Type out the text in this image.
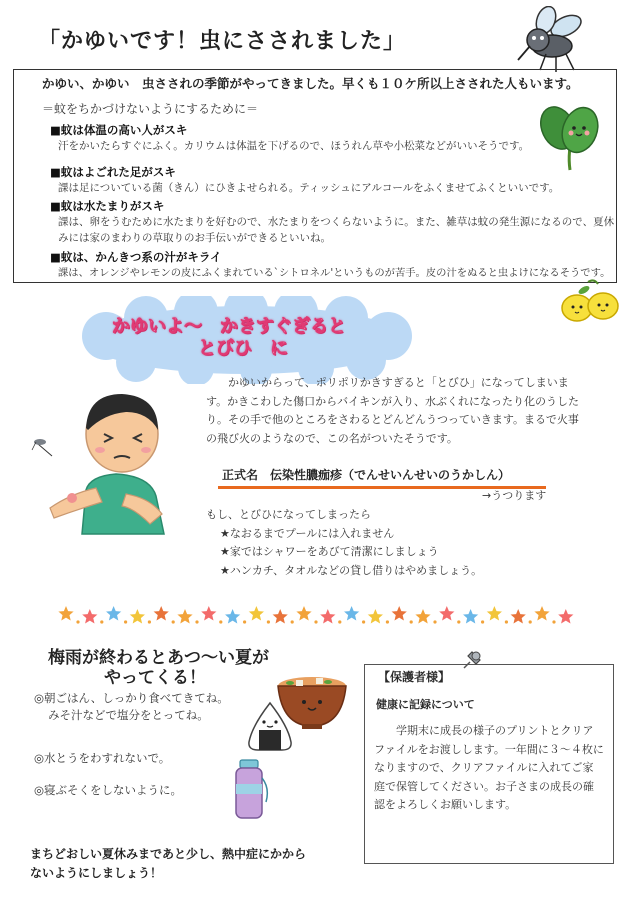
「かゆいです！虫にさされました」
かゆい、かゆい　虫さされの季節がやってきました。早くも１０ケ所以上さされた人もいます。
＝蚊をちかづけないようにするために＝
■蚊は体温の高い人がスキ
汗をかいたらすぐにふく。カリウムは体温を下げるので、ほうれん草や小松菜などがいいそうです。
■蚊はよごれた足がスキ
課は足についている菌（きん）にひきよせられる。ティッシュにアルコールをふくませてふくといいです。
■蚊は水たまりがスキ
課は、卵をうむために水たまりを好むので、水たまりをつくらないように。また、雑草は蚊の発生源になるので、夏休
みには家のまわりの草取りのお手伝いができるといいね。
■蚊は、かんきつ系の汁がキライ
課は、オレンジやレモンの皮にふくまれている`シトロネル'というものが苦手。皮の汁をぬると虫よけになるそうです。
かゆいよ～　かきすぐぎると
とびひ　に
かゆいからって、ポリポリかきすぎると「とびひ」になってしまいます。かきこわした傷口からバイキンが入り、水ぶくれになったり化のうしたり。その手で他のところをさわるとどんどんうつっていきます。まるで火事の飛び火のようなので、この名がついたそうです。
正式名　伝染性膿痂疹（でんせいんせいのうかしん）
→うつります
もし、とびひになってしまったら
★なおるまでプールには入れません
★家ではシャワーをあびて清潔にしましょう
★ハンカチ、タオルなどの貸し借りはやめましょう。
梅雨が終わるとあつ～い夏が
やってくる！
◎朝ごはん、しっかり食べてきてね。
みそ汁などで塩分をとってね。
◎水とうをわすれないで。
◎寝ぶそくをしないように。
まちどおしい夏休みまであと少し、熱中症にかから
ないようにしましょう！
【保護者様】
健康に記録について
学期末に成長の様子のプリントとクリアファイルをお渡しします。一年間に３～４枚になりますので、クリアファイルに入れてご家庭で保管してください。お子さまの成長の確認をよろしくお願いします。
